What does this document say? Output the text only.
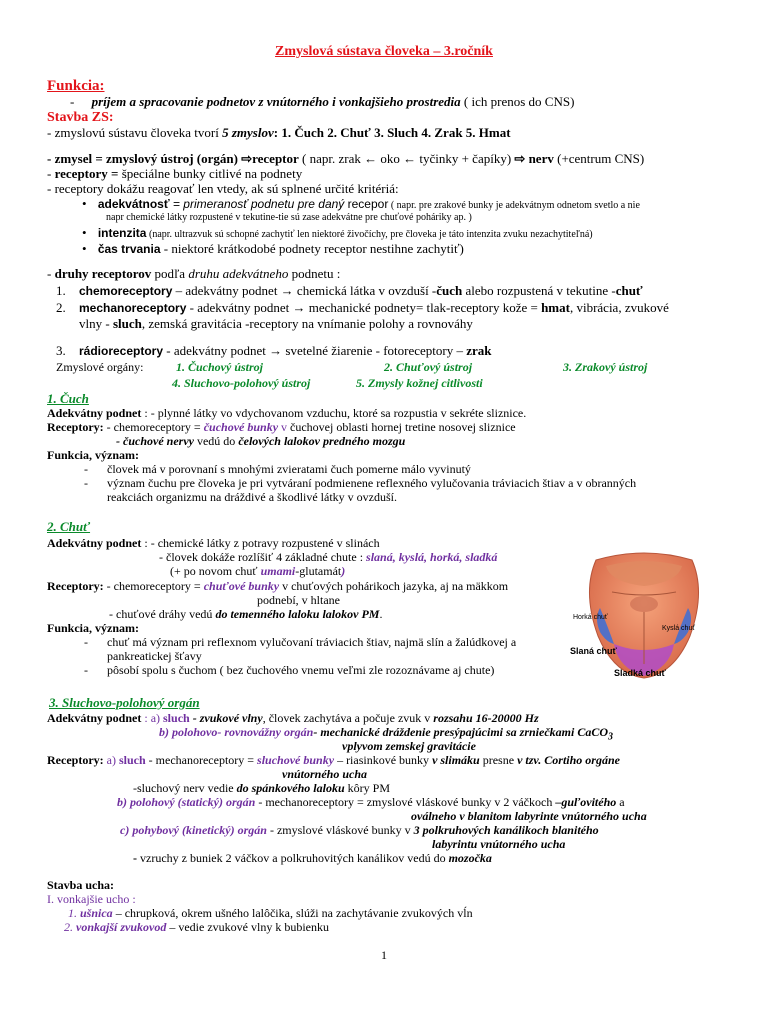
Zmyslová sústava človeka – 3.ročník
Funkcia:
- príjem a spracovanie podnetov z vnútorného i vonkajšieho prostredia ( ich prenos do CNS)
Stavba ZS:
- zmyslovú sústavu človeka tvorí 5 zmyslov: 1. Čuch 2. Chuť 3. Sluch 4. Zrak 5. Hmat
- zmysel = zmyslový ústroj (orgán) ⇨receptor ( napr. zrak ← oko ← tyčinky + čapíky) ⇨ nerv (+centrum CNS)
- receptory = špeciálne bunky citlivé na podnety
- receptory dokážu reagovať len vtedy, ak sú splnené určité kritériá:
• adekvátnosť = primeranosť podnetu pre daný recepor ( napr. pre zrakové bunky je adekvátnym odnetom svetlo a nie
napr chemické látky rozpustené v tekutine-tie sú zase adekvátne pre chuťové poháriky ap. )
• intenzita (napr. ultrazvuk sú schopné zachytiť len niektoré živočíchy, pre človeka je táto intenzita zvuku nezachytiteľná)
• čas trvania - niektoré krátkodobé podnety receptor nestihne zachytiť)
- druhy receptorov podľa druhu adekvátneho podnetu :
1. chemoreceptory – adekvátny podnet → chemická látka v ovzduší -čuch alebo rozpustená v tekutine -chuť
2. mechanoreceptory - adekvátny podnet → mechanické podnety= tlak-receptory kože = hmat, vibrácia, zvukové
vlny - sluch, zemská gravitácia -receptory na vnímanie polohy a rovnováhy
3. rádioreceptory - adekvátny podnet → svetelné žiarenie - fotoreceptory – zrak
Zmyslové orgány:	1. Čuchový ústroj	2. Chuťový ústroj	3. Zrakový ústroj
4. Sluchovo-polohový ústroj	5. Zmysly kožnej citlivosti
1. Čuch
Adekvátny podnet : - plynné látky vo vdychovanom vzduchu, ktoré sa rozpustia v sekréte sliznice.
Receptory: - chemoreceptory = čuchové bunky v čuchovej oblasti hornej tretine nosovej sliznice
- čuchové nervy vedú do čelových lalokov predného mozgu
Funkcia, význam:
- človek má v porovnaní s mnohými zvieratami čuch pomerne málo vyvinutý
- význam čuchu pre človeka je pri vytváraní podmienene reflexného vylučovania tráviacich štiav a v obranných
reakciách organizmu na dráždivé a škodlivé látky v ovzduší.
2. Chuť
Adekvátny podnet : - chemické látky z potravy rozpustené v slinách
- človek dokáže rozlíšiť 4 základné chute : slaná, kyslá, horká, sladká
(+ po novom chuť umami-glutamát)
Receptory: - chemoreceptory = chuťové bunky v chuťových pohárikoch jazyka, aj na mäkkom
podnebí, v hltane
- chuťové dráhy vedú do temenného laloku lalokov PM.
Funkcia, význam:
- chuť má význam pri reflexnom vylučovaní tráviacich štiav, najmä slín a žalúdkovej a
pankreatickej šťavy
- pôsobí spolu s čuchom ( bez čuchového vnemu veľmi zle rozoznávame aj chute)
Horká chuť
Kyslá chuť
Slaná chuť
Sladká chuť
3. Sluchovo-polohový orgán
Adekvátny podnet : a) sluch - zvukové vlny, človek zachytáva a počuje zvuk v rozsahu 16-20000 Hz
b) polohovo- rovnovážny orgán- mechanické dráždenie presýpajúcimi sa zrniečkami CaCO$_3$
vplyvom zemskej gravitácie
Receptory: a) sluch - mechanoreceptory = sluchové bunky – riasinkové bunky v slimáku presne v tzv. Cortiho orgáne
vnútorného ucha
-sluchový nerv vedie do spánkového laloku kôry PM
b) polohový (statický) orgán - mechanoreceptory = zmyslové vláskové bunky v 2 váčkoch –guľovitého a
oválneho v blanitom labyrinte vnútorného ucha
c) pohybový (kinetický) orgán - zmyslové vláskové bunky v 3 polkruhových kanálikoch blanitého
labyrintu vnútorného ucha
- vzruchy z buniek 2 váčkov a polkruhovitých kanálikov vedú do mozočka
Stavba ucha:
I. vonkajšie ucho :
1. ušnica – chrupková, okrem ušného lalôčika, slúži na zachytávanie zvukových vĺn
2. vonkajší zvukovod – vedie zvukové vlny k bubienku
1
